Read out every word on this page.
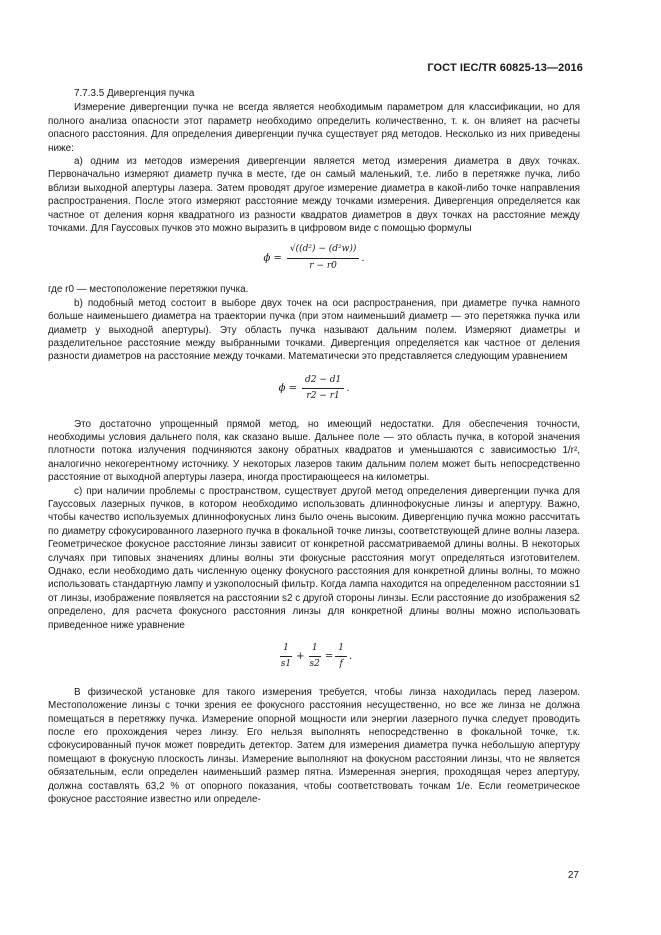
ГОСТ IEC/TR 60825-13—2016

7.7.3.5 Дивергенция пучка

Измерение дивергенции пучка не всегда является необходимым параметром для классификации, но для полного анализа опасности этот параметр необходимо определить количественно, т. к. он влияет на расчеты опасного расстояния. Для определения дивергенции пучка существует ряд методов. Несколько из них приведены ниже:

а) одним из методов измерения дивергенции является метод измерения диаметра в двух точках. Первоначально измеряют диаметр пучка в месте, где он самый маленький, т.е. либо в перетяжке пучка, либо вблизи выходной апертуры лазера. Затем проводят другое измерение диаметра в какой-либо точке направления распространения. После этого измеряют расстояние между точками измерения. Дивергенция определяется как частное от деления корня квадратного из разности квадратов диаметров в двух точках на расстояние между точками. Для Гауссовых пучков это можно выразить в цифровом виде с помощью формулы

$\phi = \frac{\text{√((d²) − (d²w))}}{r - r0}$ .

где r0 — местоположение перетяжки пучка.

b) подобный метод состоит в выборе двух точек на оси распространения, при диаметре пучка намного больше наименьшего диаметра на траектории пучка (при этом наименьший диаметр — это перетяжка пучка или диаметр у выходной апертуры). Эту область пучка называют дальним полем. Измеряют диаметры и разделительное расстояние между выбранными точками. Дивергенция определяется как частное от деления разности диаметров на расстояние между точками. Математически это представляется следующим уравнением

$\phi = \frac{d2 - d1}{r2 - r1}$ .

Это достаточно упрощенный прямой метод, но имеющий недостатки. Для обеспечения точности, необходимы условия дальнего поля, как сказано выше. Дальнее поле — это область пучка, в которой значения плотности потока излучения подчиняются закону обратных квадратов и уменьшаются с зависимостью 1/r², аналогично некогерентному источнику. У некоторых лазеров таким дальним полем может быть непосредственно расстояние от выходной апертуры лазера, иногда простирающееся на километры.

c) при наличии проблемы с пространством, существует другой метод определения дивергенции пучка для Гауссовых лазерных пучков, в котором необходимо использовать длиннофокусные линзы и апертуру. Важно, чтобы качество используемых длиннофокусных линз было очень высоким. Дивергенцию пучка можно рассчитать по диаметру сфокусированного лазерного пучка в фокальной точке линзы, соответствующей длине волны лазера. Геометрическое фокусное расстояние линзы зависит от конкретной рассматриваемой длины волны. В некоторых случаях при типовых значениях длины волны эти фокусные расстояния могут определяться изготовителем. Однако, если необходимо дать численную оценку фокусного расстояния для конкретной длины волны, то можно использовать стандартную лампу и узкополосный фильтр. Когда лампа находится на определенном расстоянии s1 от линзы, изображение появляется на расстоянии s2 с другой стороны линзы. Если расстояние до изображения s2 определено, для расчета фокусного расстояния линзы для конкретной длины волны можно использовать приведенное ниже уравнение

$\frac{1}{s1} + \frac{1}{s2} = \frac{1}{f}$ .

В физической установке для такого измерения требуется, чтобы линза находилась перед лазером. Местоположение линзы с точки зрения ее фокусного расстояния несущественно, но все же линза не должна помещаться в перетяжку пучка. Измерение опорной мощности или энергии лазерного пучка следует проводить после его прохождения через линзу. Его нельзя выполнять непосредственно в фокальной точке, т.к. сфокусированный пучок может повредить детектор. Затем для измерения диаметра пучка небольшую апертуру помещают в фокусную плоскость линзы. Измерение выполняют на фокусном расстоянии линзы, что не является обязательным, если определен наименьший размер пятна. Измеренная энергия, проходящая через апертуру, должна составлять 63,2 % от опорного показания, чтобы соответствовать точкам 1/e. Если геометрическое фокусное расстояние известно или определе-

27
